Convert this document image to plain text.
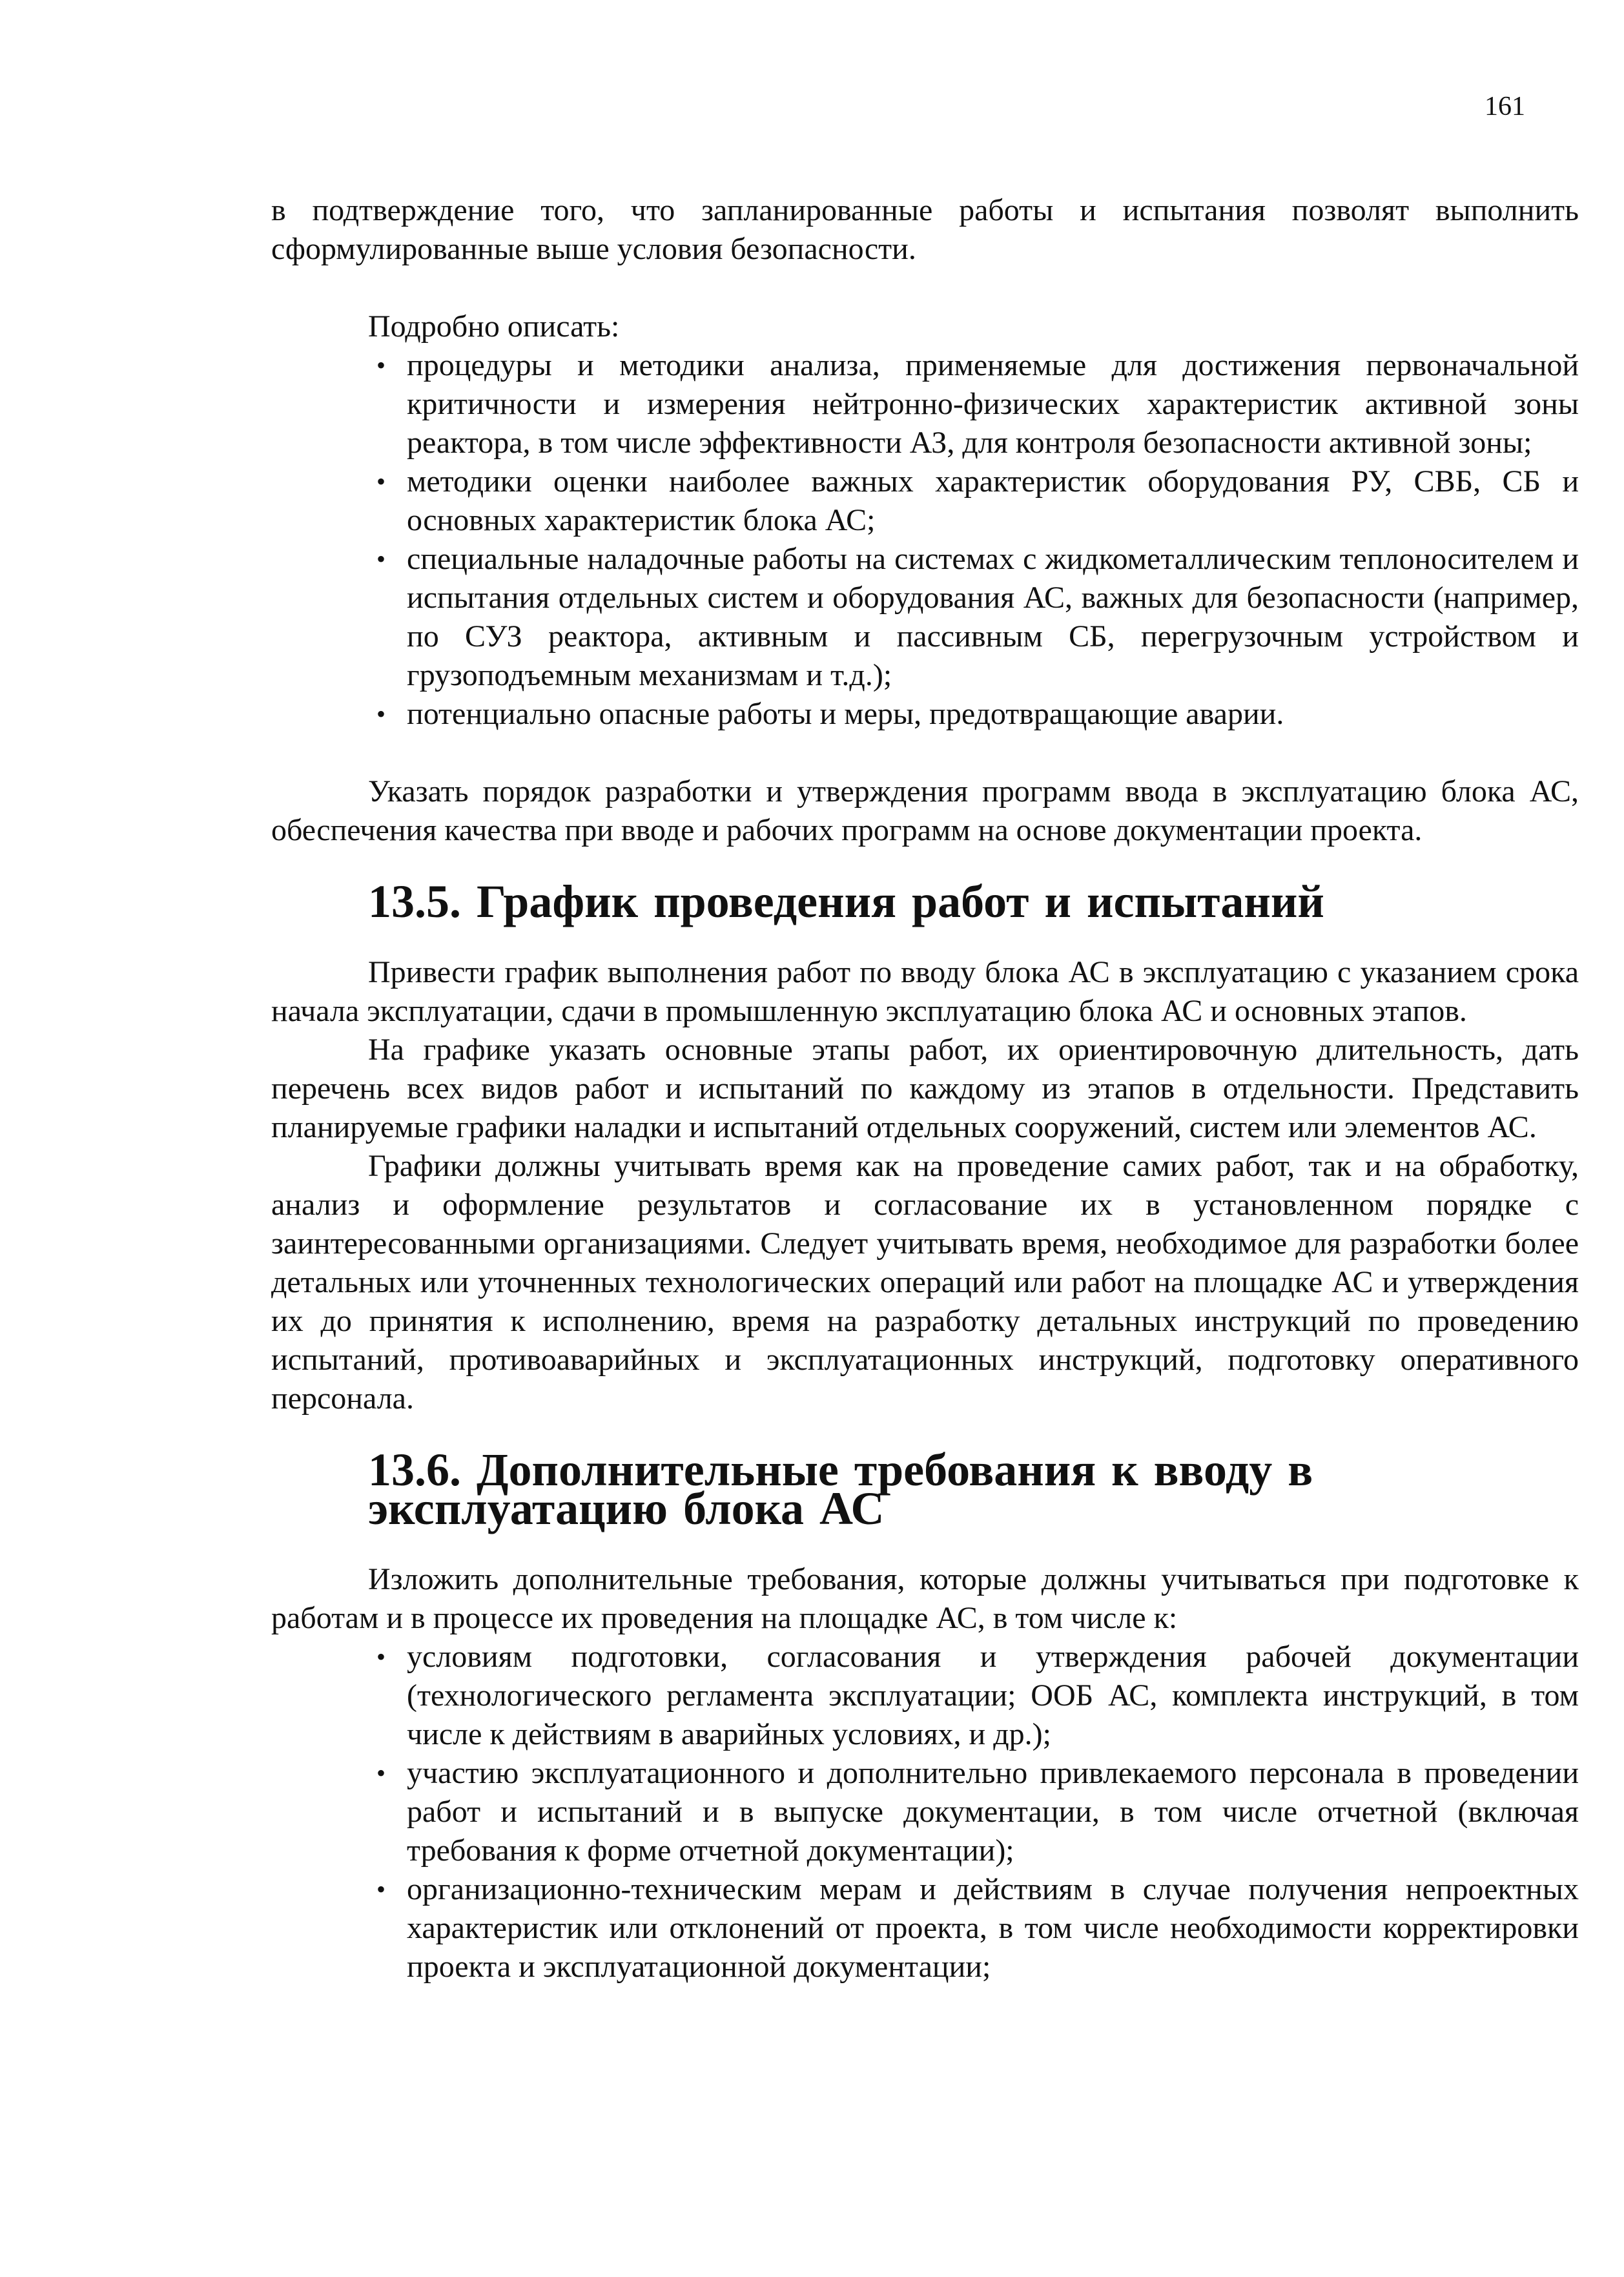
161

в подтверждение того, что запланированные работы и испытания позволят выполнить сформулированные выше условия безопасности.

Подробно описать:

• процедуры и методики анализа, применяемые для достижения первоначальной критичности и измерения нейтронно-физических характеристик активной зоны реактора, в том числе эффективности АЗ, для контроля безопасности активной зоны;
• методики оценки наиболее важных характеристик оборудования РУ, СВБ, СБ и основных характеристик блока АС;
• специальные наладочные работы на системах с жидкометаллическим теплоносителем и испытания отдельных систем и оборудования АС, важных для безопасности (например, по СУЗ реактора, активным и пассивным СБ, перегрузочным устройством и грузоподъемным механизмам и т.д.);
• потенциально опасные работы и меры, предотвращающие аварии.

Указать порядок разработки и утверждения программ ввода в эксплуатацию блока АС, обеспечения качества при вводе и рабочих программ на основе документации проекта.

13.5. График проведения работ и испытаний

Привести график выполнения работ по вводу блока АС в эксплуатацию с указанием срока начала эксплуатации, сдачи в промышленную эксплуатацию блока АС и основных этапов.

На графике указать основные этапы работ, их ориентировочную длительность, дать перечень всех видов работ и испытаний по каждому из этапов в отдельности. Представить планируемые графики наладки и испытаний отдельных сооружений, систем или элементов АС.

Графики должны учитывать время как на проведение самих работ, так и на обработку, анализ и оформление результатов и согласование их в установленном порядке с заинтересованными организациями. Следует учитывать время, необходимое для разработки более детальных или уточненных технологических операций или работ на площадке АС и утверждения их до принятия к исполнению, время на разработку детальных инструкций по проведению испытаний, противоаварийных и эксплуатационных инструкций, подготовку оперативного персонала.

13.6. Дополнительные требования к вводу в эксплуатацию блока АС

Изложить дополнительные требования, которые должны учитываться при подготовке к работам и в процессе их проведения на площадке АС, в том числе к:

• условиям подготовки, согласования и утверждения рабочей документации (технологического регламента эксплуатации; ООБ АС, комплекта инструкций, в том числе к действиям в аварийных условиях, и др.);
• участию эксплуатационного и дополнительно привлекаемого персонала в проведении работ и испытаний и в выпуске документации, в том числе отчетной (включая требования к форме отчетной документации);
• организационно-техническим мерам и действиям в случае получения непроектных характеристик или отклонений от проекта, в том числе необходимости корректировки проекта и эксплуатационной документации;
